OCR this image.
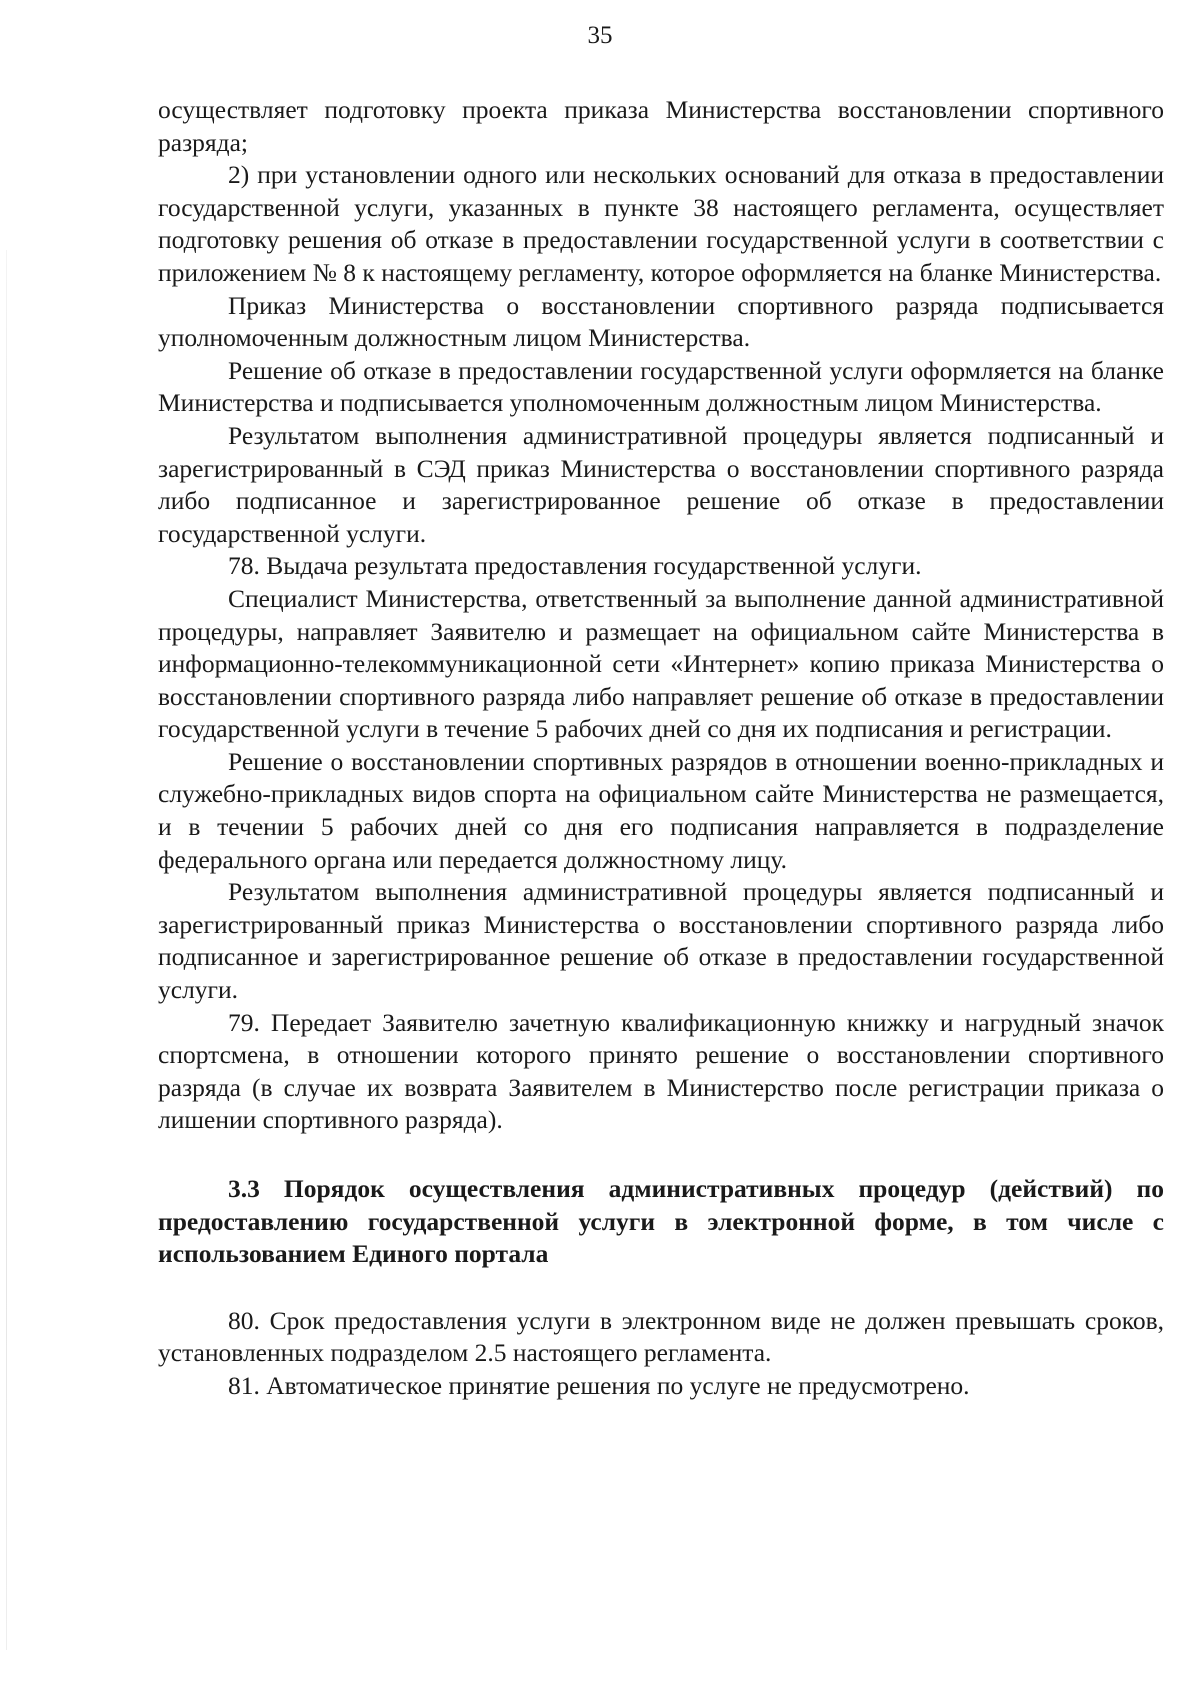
35

осуществляет подготовку проекта приказа Министерства восстановлении спортивного разряда;

2) при установлении одного или нескольких оснований для отказа в предоставлении государственной услуги, указанных в пункте 38 настоящего регламента, осуществляет подготовку решения об отказе в предоставлении государственной услуги в соответствии с приложением № 8 к настоящему регламенту, которое оформляется на бланке Министерства.

Приказ Министерства о восстановлении спортивного разряда подписывается уполномоченным должностным лицом Министерства.

Решение об отказе в предоставлении государственной услуги оформляется на бланке Министерства и подписывается уполномоченным должностным лицом Министерства.

Результатом выполнения административной процедуры является подписанный и зарегистрированный в СЭД приказ Министерства о восстановлении спортивного разряда либо подписанное и зарегистрированное решение об отказе в предоставлении государственной услуги.

78. Выдача результата предоставления государственной услуги.

Специалист Министерства, ответственный за выполнение данной административной процедуры, направляет Заявителю и размещает на официальном сайте Министерства в информационно-телекоммуникационной сети «Интернет» копию приказа Министерства о восстановлении спортивного разряда либо направляет решение об отказе в предоставлении государственной услуги в течение 5 рабочих дней со дня их подписания и регистрации.

Решение о восстановлении спортивных разрядов в отношении военно-прикладных и служебно-прикладных видов спорта на официальном сайте Министерства не размещается, и в течении 5 рабочих дней со дня его подписания направляется в подразделение федерального органа или передается должностному лицу.

Результатом выполнения административной процедуры является подписанный и зарегистрированный приказ Министерства о восстановлении спортивного разряда либо подписанное и зарегистрированное решение об отказе в предоставлении государственной услуги.

79. Передает Заявителю зачетную квалификационную книжку и нагрудный значок спортсмена, в отношении которого принято решение о восстановлении спортивного разряда (в случае их возврата Заявителем в Министерство после регистрации приказа о лишении спортивного разряда).

3.3 Порядок осуществления административных процедур (действий) по предоставлению государственной услуги в электронной форме, в том числе с использованием Единого портала

80. Срок предоставления услуги в электронном виде не должен превышать сроков, установленных подразделом 2.5 настоящего регламента.

81. Автоматическое принятие решения по услуге не предусмотрено.
